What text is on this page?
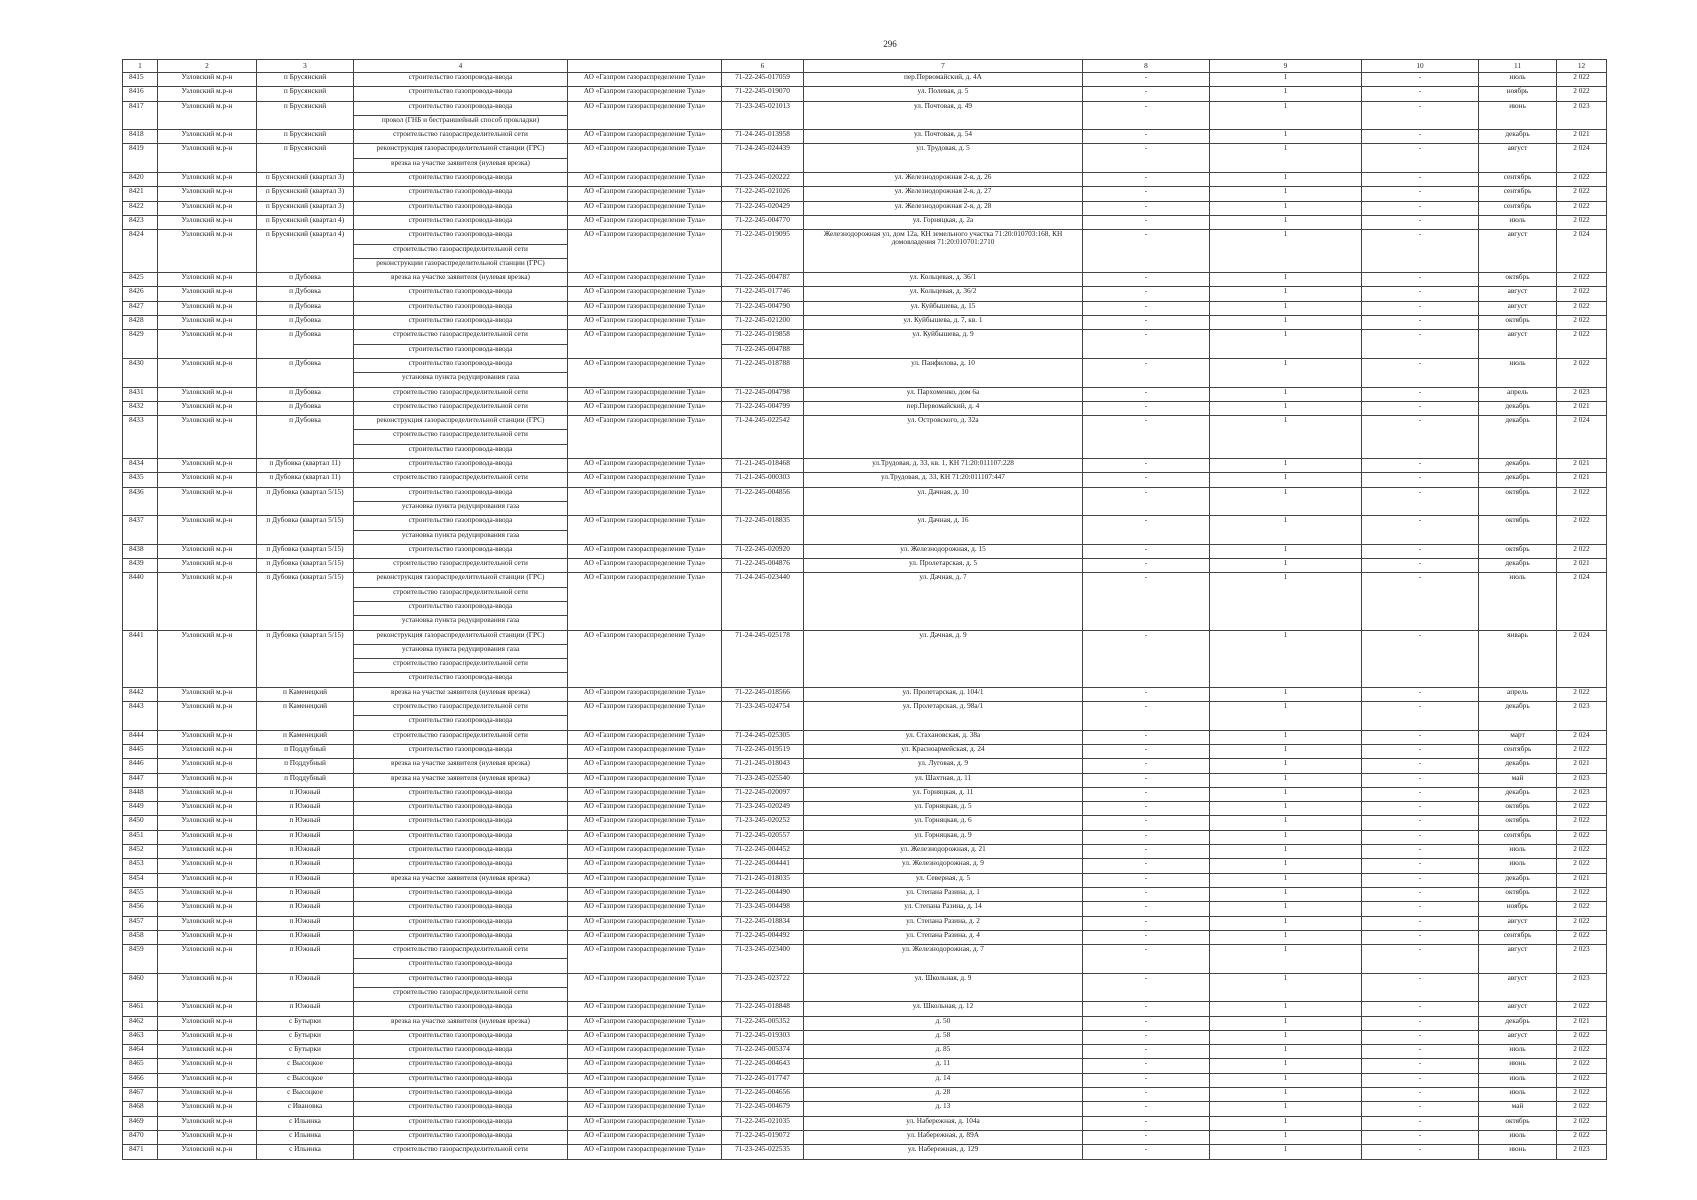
296
1	2	3	4		6	7	8	9	10	11	12
8415	Узловский м.р-н	п Брусянский	строительство газопровода-ввода	АО «Газпром газораспределение Тула»	71-22-245-017059	пер.Первомайский, д. 4А	-	1	-	июль	2 022
8416	Узловский м.р-н	п Брусянский	строительство газопровода-ввода	АО «Газпром газораспределение Тула»	71-22-245-019070	ул. Полевая, д. 5	-	1	-	ноябрь	2 022
8417	Узловский м.р-н	п Брусянский	строительство газопровода-ввода	АО «Газпром газораспределение Тула»	71-23-245-021013	ул. Почтовая, д. 49	-	1	-	июнь	2 023
			прокол (ГНБ и бестраншейный способ прокладки)								
8418	Узловский м.р-н	п Брусянский	строительство газораспределительной сети	АО «Газпром газораспределение Тула»	71-24-245-013958	ул. Почтовая, д. 54	-	1	-	декабрь	2 021
8419	Узловский м.р-н	п Брусянский	реконструкция газораспределительной станции (ГРС)	АО «Газпром газораспределение Тула»	71-24-245-024439	ул. Трудовая, д. 5	-	1	-	август	2 024
			врезка на участке заявителя (нулевая врезка)								
8420	Узловский м.р-н	п Брусянский (квартал 3)	строительство газопровода-ввода	АО «Газпром газораспределение Тула»	71-23-245-020222	ул. Железнодорожная 2-я, д. 26	-	1	-	сентябрь	2 022
8421	Узловский м.р-н	п Брусянский (квартал 3)	строительство газопровода-ввода	АО «Газпром газораспределение Тула»	71-22-245-021026	ул. Железнодорожная 2-я, д. 27	-	1	-	сентябрь	2 022
8422	Узловский м.р-н	п Брусянский (квартал 3)	строительство газопровода-ввода	АО «Газпром газораспределение Тула»	71-22-245-020429	ул. Железнодорожная 2-я, д. 28	-	1	-	сентябрь	2 022
8423	Узловский м.р-н	п Брусянский (квартал 4)	строительство газопровода-ввода	АО «Газпром газораспределение Тула»	71-22-245-004770	ул. Горняцкая, д. 2а	-	1	-	июль	2 022
8424	Узловский м.р-н	п Брусянский (квартал 4)	строительство газопровода-ввода	АО «Газпром газораспределение Тула»	71-22-245-019095	Железнодорожная ул, дом 12а, КН земельного участка 71:20:010703:168, КН домовладения 71:20:010701:2710	-	1	-	август	2 024
			строительство газораспределительной сети								
			реконструкции газораспределительной станции (ГРС)								
8425	Узловский м.р-н	п Дубовка	врезка на участке заявителя (нулевая врезка)	АО «Газпром газораспределение Тула»	71-22-245-004787	ул. Кольцевая, д. 36/1	-	1	-	октябрь	2 022
8426	Узловский м.р-н	п Дубовка	строительство газопровода-ввода	АО «Газпром газораспределение Тула»	71-22-245-017746	ул. Кольцевая, д. 36/2	-	1	-	август	2 022
8427	Узловский м.р-н	п Дубовка	строительство газопровода-ввода	АО «Газпром газораспределение Тула»	71-22-245-004790	ул. Куйбышева, д. 15	-	1	-	август	2 022
8428	Узловский м.р-н	п Дубовка	строительство газопровода-ввода	АО «Газпром газораспределение Тула»	71-22-245-021200	ул. Куйбышева, д. 7, кв. 1	-	1	-	октябрь	2 022
8429	Узловский м.р-н	п Дубовка	строительство газораспределительной сети	АО «Газпром газораспределение Тула»	71-22-245-019858	ул. Куйбышева, д. 9	-	1	-	август	2 022
			строительство газопровода-ввода		71-22-245-004788						
8430	Узловский м.р-н	п Дубовка	строительство газопровода-ввода	АО «Газпром газораспределение Тула»	71-22-245-018788	ул. Панфилова, д. 10	-	1	-	июль	2 022
			установка пункта редуцирования газа								
8431	Узловский м.р-н	п Дубовка	строительство газораспределительной сети	АО «Газпром газораспределение Тула»	71-22-245-004798	ул. Пархоменко, дом 6а	-	1	-	апрель	2 023
8432	Узловский м.р-н	п Дубовка	строительство газораспределительной сети	АО «Газпром газораспределение Тула»	71-22-245-004799	пер.Первомайский, д. 4	-	1	-	декабрь	2 021
8433	Узловский м.р-н	п Дубовка	реконструкция газораспределительной станции (ГРС)	АО «Газпром газораспределение Тула»	71-24-245-022542	ул. Островского, д. 32а	-	1	-	декабрь	2 024
			строительство газораспределительной сети								
			строительство газопровода-ввода								
8434	Узловский м.р-н	п Дубовка (квартал 11)	строительство газопровода-ввода	АО «Газпром газораспределение Тула»	71-21-245-018468	ул.Трудовая, д. 33, кв. 1, КН 71:20:011107:228	-	1	-	декабрь	2 021
8435	Узловский м.р-н	п Дубовка (квартал 11)	строительство газораспределительной сети	АО «Газпром газораспределение Тула»	71-21-245-000303	ул.Трудовая, д. 33, КН 71:20:011107:447	-	1	-	декабрь	2 021
8436	Узловский м.р-н	п Дубовка (квартал 5/15)	строительство газопровода-ввода	АО «Газпром газораспределение Тула»	71-22-245-004856	ул. Дачная, д. 10	-	1	-	октябрь	2 022
			установка пункта редуцирования газа								
8437	Узловский м.р-н	п Дубовка (квартал 5/15)	строительство газопровода-ввода	АО «Газпром газораспределение Тула»	71-22-245-018835	ул. Дачная, д. 16	-	1	-	октябрь	2 022
			установка пункта редуцирования газа								
8438	Узловский м.р-н	п Дубовка (квартал 5/15)	строительство газопровода-ввода	АО «Газпром газораспределение Тула»	71-22-245-020920	ул. Железнодорожная, д. 15	-	1	-	октябрь	2 022
8439	Узловский м.р-н	п Дубовка (квартал 5/15)	строительство газораспределительной сети	АО «Газпром газораспределение Тула»	71-22-245-004876	ул. Пролетарская, д. 5	-	1	-	декабрь	2 021
8440	Узловский м.р-н	п Дубовка (квартал 5/15)	реконструкция газораспределительной станции (ГРС)	АО «Газпром газораспределение Тула»	71-24-245-023440	ул. Дачная, д. 7	-	1	-	июль	2 024
			строительство газораспределительной сети								
			строительство газопровода-ввода								
			установка пункта редуцирования газа								
8441	Узловский м.р-н	п Дубовка (квартал 5/15)	реконструкция газораспределительной станции (ГРС)	АО «Газпром газораспределение Тула»	71-24-245-025178	ул. Дачная, д. 9	-	1	-	январь	2 024
			установка пункта редуцирования газа								
			строительство газораспределительной сети								
			строительство газопровода-ввода								
8442	Узловский м.р-н	п Каменецкий	врезка на участке заявителя (нулевая врезка)	АО «Газпром газораспределение Тула»	71-22-245-018566	ул. Пролетарская, д. 104/1	-	1	-	апрель	2 022
8443	Узловский м.р-н	п Каменецкий	строительство газораспределительной сети	АО «Газпром газораспределение Тула»	71-23-245-024754	ул. Пролетарская, д. 98а/1	-	1	-	декабрь	2 023
			строительство газопровода-ввода								
8444	Узловский м.р-н	п Каменецкий	строительство газораспределительной сети	АО «Газпром газораспределение Тула»	71-24-245-025305	ул. Стахановская, д. 38а	-	1	-	март	2 024
8445	Узловский м.р-н	п Поддубный	строительство газопровода-ввода	АО «Газпром газораспределение Тула»	71-22-245-019519	ул. Красноармейская, д. 24	-	1	-	сентябрь	2 022
8446	Узловский м.р-н	п Поддубный	врезка на участке заявителя (нулевая врезка)	АО «Газпром газораспределение Тула»	71-21-245-018043	ул. Луговая, д. 9	-	1	-	декабрь	2 021
8447	Узловский м.р-н	п Поддубный	врезка на участке заявителя (нулевая врезка)	АО «Газпром газораспределение Тула»	71-23-245-025540	ул. Шахтная, д. 11	-	1	-	май	2 023
8448	Узловский м.р-н	п Южный	строительство газопровода-ввода	АО «Газпром газораспределение Тула»	71-22-245-020097	ул. Горняцкая, д. 11	-	1	-	декабрь	2 023
8449	Узловский м.р-н	п Южный	строительство газопровода-ввода	АО «Газпром газораспределение Тула»	71-23-245-020249	ул. Горняцкая, д. 5	-	1	-	октябрь	2 022
8450	Узловский м.р-н	п Южный	строительство газопровода-ввода	АО «Газпром газораспределение Тула»	71-23-245-020252	ул. Горняцкая, д. 6	-	1	-	октябрь	2 022
8451	Узловский м.р-н	п Южный	строительство газопровода-ввода	АО «Газпром газораспределение Тула»	71-22-245-020557	ул. Горняцкая, д. 9	-	1	-	сентябрь	2 022
8452	Узловский м.р-н	п Южный	строительство газопровода-ввода	АО «Газпром газораспределение Тула»	71-22-245-004452	ул. Железнодорожная, д. 21	-	1	-	июль	2 022
8453	Узловский м.р-н	п Южный	строительство газопровода-ввода	АО «Газпром газораспределение Тула»	71-22-245-004441	ул. Железнодорожная, д. 9	-	1	-	июль	2 022
8454	Узловский м.р-н	п Южный	врезка на участке заявителя (нулевая врезка)	АО «Газпром газораспределение Тула»	71-21-245-018035	ул. Северная, д. 5	-	1	-	декабрь	2 021
8455	Узловский м.р-н	п Южный	строительство газопровода-ввода	АО «Газпром газораспределение Тула»	71-22-245-004490	ул. Степана Разина, д. 1	-	1	-	октябрь	2 022
8456	Узловский м.р-н	п Южный	строительство газопровода-ввода	АО «Газпром газораспределение Тула»	71-23-245-004498	ул. Степана Разина, д. 14	-	1	-	ноябрь	2 022
8457	Узловский м.р-н	п Южный	строительство газопровода-ввода	АО «Газпром газораспределение Тула»	71-22-245-018834	ул. Степана Разина, д. 2	-	1	-	август	2 022
8458	Узловский м.р-н	п Южный	строительство газопровода-ввода	АО «Газпром газораспределение Тула»	71-22-245-004492	ул. Степана Разина, д. 4	-	1	-	сентябрь	2 022
8459	Узловский м.р-н	п Южный	строительство газораспределительной сети	АО «Газпром газораспределение Тула»	71-23-245-023400	ул. Железнодорожная, д. 7	-	1	-	август	2 023
			строительство газопровода-ввода								
8460	Узловский м.р-н	п Южный	строительство газопровода-ввода	АО «Газпром газораспределение Тула»	71-23-245-023722	ул. Школьная, д. 9	-	1	-	август	2 023
			строительство газораспределительной сети								
8461	Узловский м.р-н	п Южный	строительство газопровода-ввода	АО «Газпром газораспределение Тула»	71-22-245-018848	ул. Школьная, д. 12	-	1	-	август	2 022
8462	Узловский м.р-н	с Бутырки	врезка на участке заявителя (нулевая врезка)	АО «Газпром газораспределение Тула»	71-22-245-005352	д. 50	-	1	-	декабрь	2 021
8463	Узловский м.р-н	с Бутырки	строительство газопровода-ввода	АО «Газпром газораспределение Тула»	71-22-245-019303	д. 58	-	1	-	август	2 022
8464	Узловский м.р-н	с Бутырки	строительство газопровода-ввода	АО «Газпром газораспределение Тула»	71-22-245-005374	д. 85	-	1	-	июль	2 022
8465	Узловский м.р-н	с Высоцкое	строительство газопровода-ввода	АО «Газпром газораспределение Тула»	71-22-245-004643	д. 11	-	1	-	июнь	2 022
8466	Узловский м.р-н	с Высоцкое	строительство газопровода-ввода	АО «Газпром газораспределение Тула»	71-22-245-017747	д. 14	-	1	-	июль	2 022
8467	Узловский м.р-н	с Высоцкое	строительство газопровода-ввода	АО «Газпром газораспределение Тула»	71-22-245-004656	д. 28	-	1	-	июль	2 022
8468	Узловский м.р-н	с Ивановка	строительство газопровода-ввода	АО «Газпром газораспределение Тула»	71-22-245-004679	д. 13	-	1	-	май	2 022
8469	Узловский м.р-н	с Ильинка	строительство газопровода-ввода	АО «Газпром газораспределение Тула»	71-22-245-021035	ул. Набережная, д. 104а	-	1	-	октябрь	2 022
8470	Узловский м.р-н	с Ильинка	строительство газопровода-ввода	АО «Газпром газораспределение Тула»	71-22-245-019072	ул. Набережная, д. 89А	-	1	-	июль	2 022
8471	Узловский м.р-н	с Ильинка	строительство газораспределительной сети	АО «Газпром газораспределение Тула»	71-23-245-022535	ул. Набережная, д. 129	-	1	-	июнь	2 023
